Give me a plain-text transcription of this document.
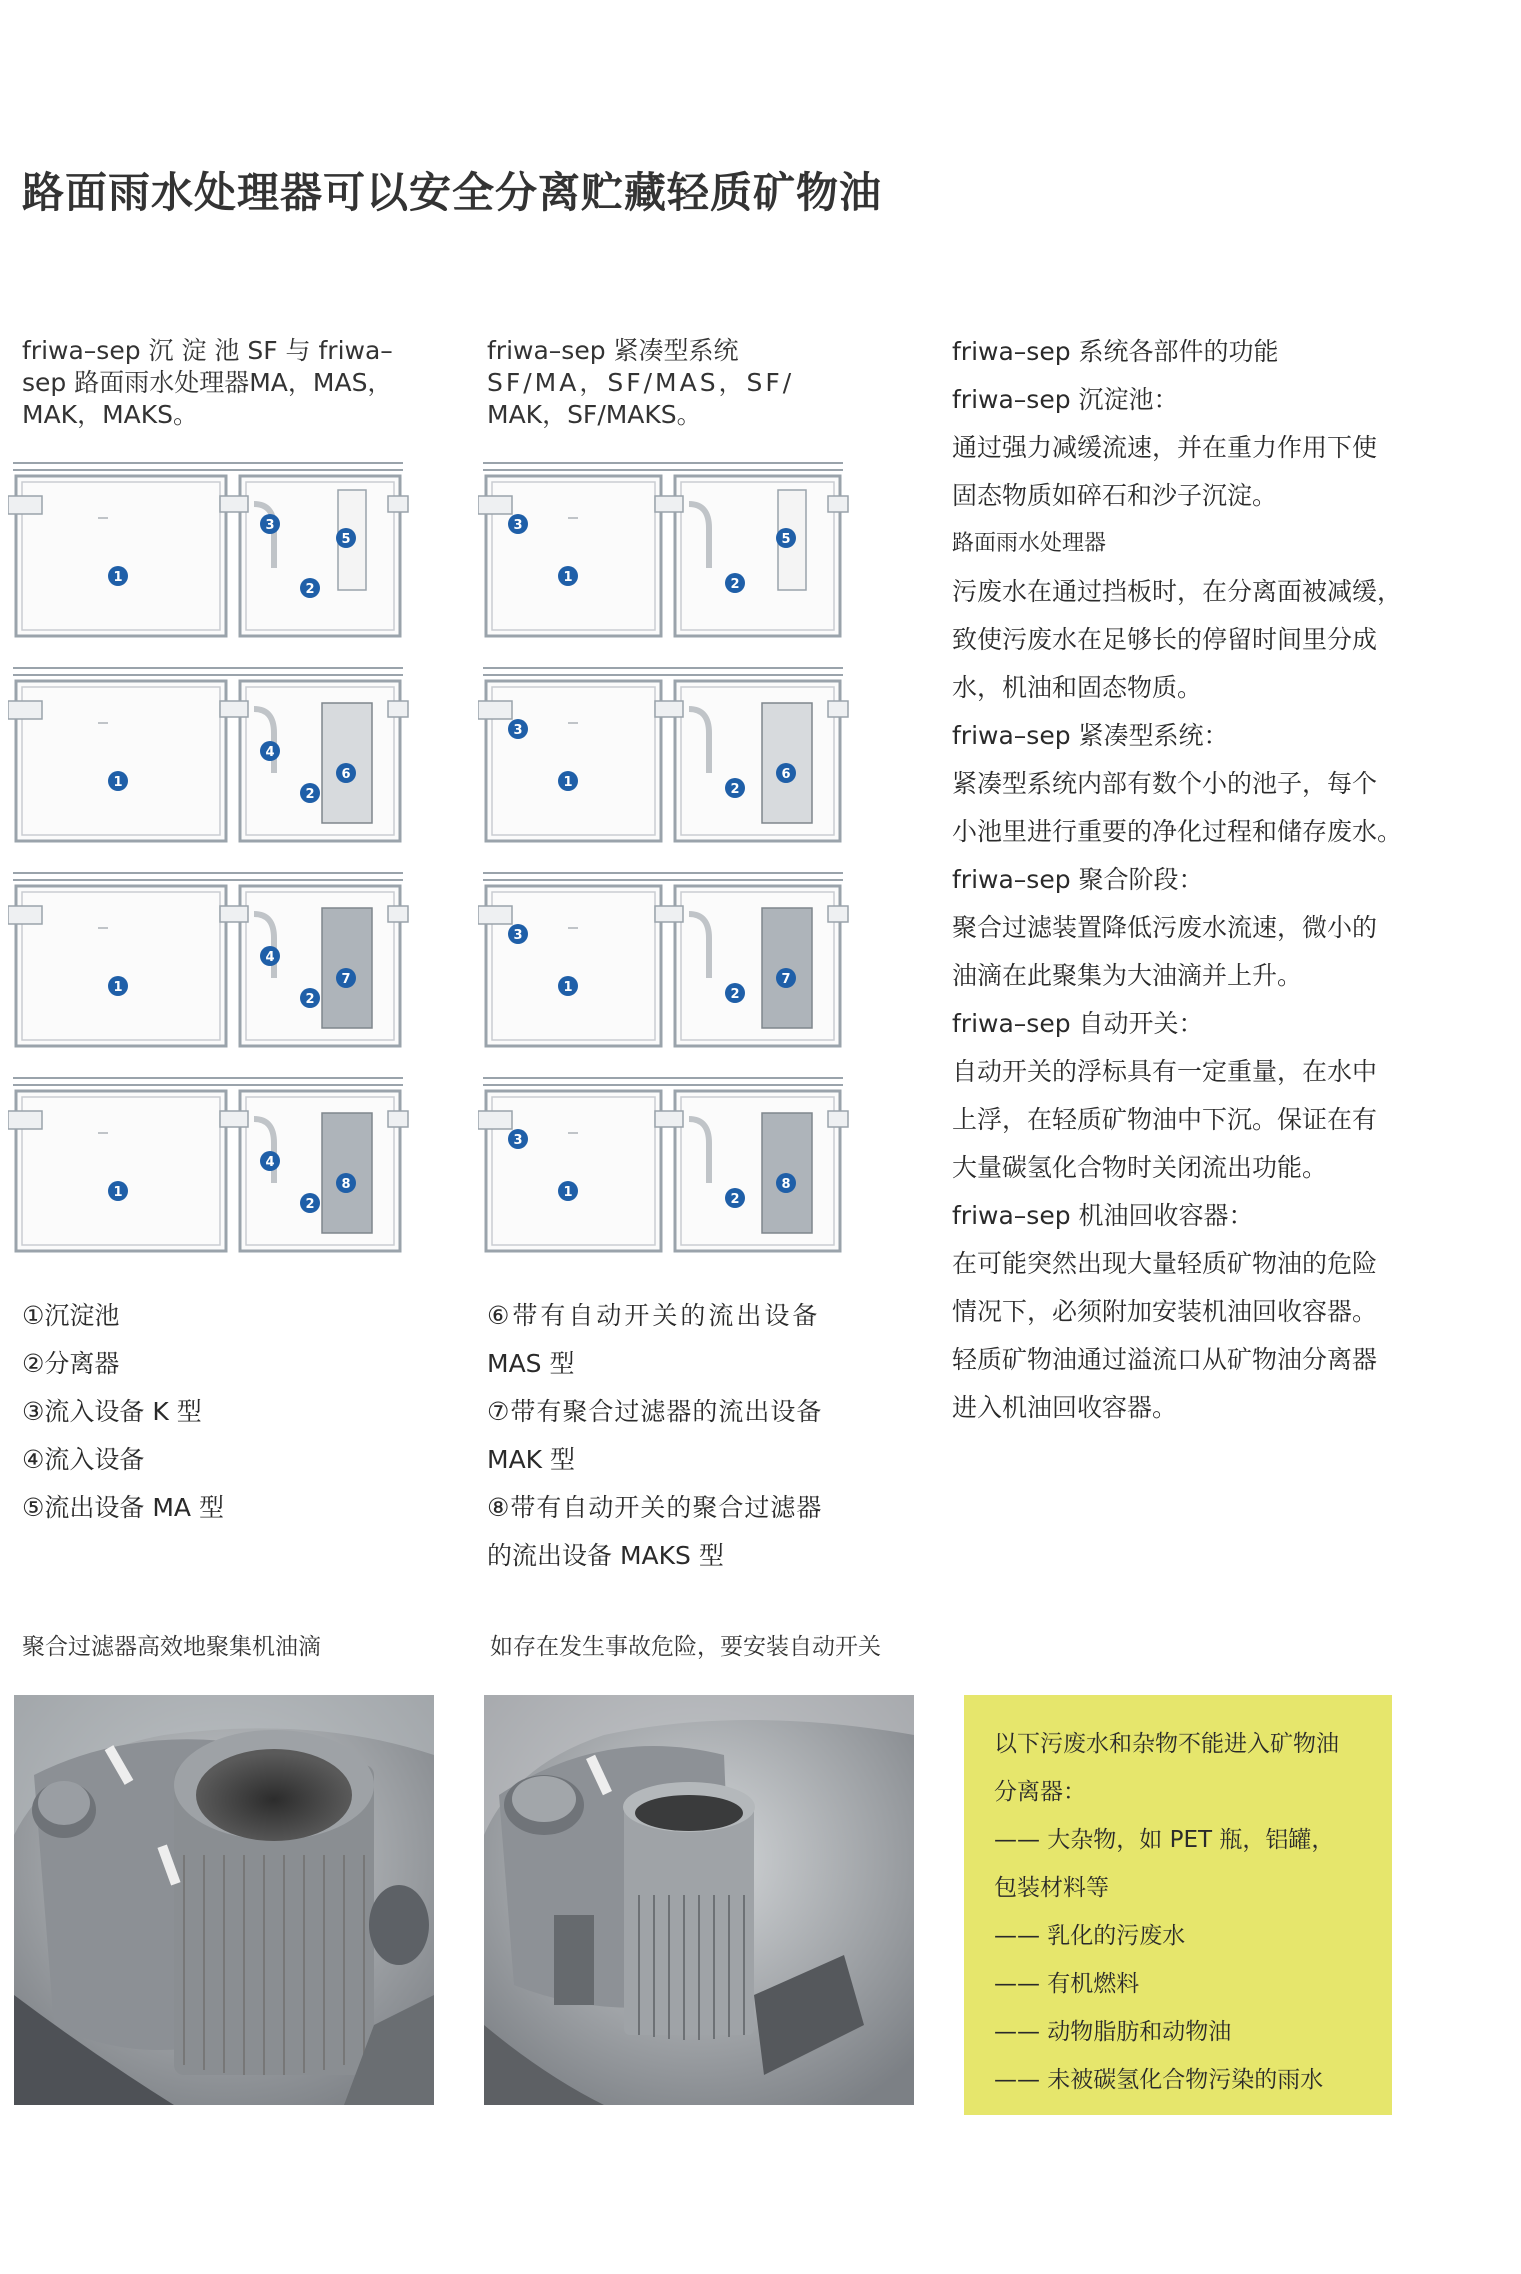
路面雨水处理器可以安全分离贮藏轻质矿物油
friwa–sep 沉 淀 池 SF 与 friwa–
sep 路面雨水处理器MA，MAS，
MAK，MAKS。
friwa–sep 紧凑型系统
SF/MA，SF/MAS，SF/
MAK，SF/MAKS。
1
2
3
5
1
2
4
6
1
2
4
7
1
2
4
8
1	2
3
5
1	2
3
6
1	2
3
7
1	2
3
8

friwa–sep 系统各部件的功能

friwa–sep 沉淀池：

通过强力减缓流速，并在重力作用下使

固态物质如碎石和沙子沉淀。

路面雨水处理器

污废水在通过挡板时，在分离面被减缓，

致使污废水在足够长的停留时间里分成

水，机油和固态物质。

friwa–sep 紧凑型系统：

紧凑型系统内部有数个小的池子，每个

小池里进行重要的净化过程和储存废水。

friwa–sep 聚合阶段：

聚合过滤装置降低污废水流速，微小的

油滴在此聚集为大油滴并上升。

friwa–sep 自动开关：

自动开关的浮标具有一定重量，在水中

上浮，在轻质矿物油中下沉。保证在有

大量碳氢化合物时关闭流出功能。

friwa–sep 机油回收容器：

在可能突然出现大量轻质矿物油的危险

情况下，必须附加安装机油回收容器。

轻质矿物油通过溢流口从矿物油分离器

进入机油回收容器。

①沉淀池
②分离器
③流入设备 K 型
④流入设备
⑤流出设备 MA 型
⑥带有自动开关的流出设备
MAS 型
⑦带有聚合过滤器的流出设备
MAK 型
⑧带有自动开关的聚合过滤器
的流出设备 MAKS 型
聚合过滤器高效地聚集机油滴	如存在发生事故危险，要安装自动开关

以下污废水和杂物不能进入矿物油

分离器：

—— 大杂物，如 PET 瓶，铝罐，

包装材料等

—— 乳化的污废水

—— 有机燃料

—— 动物脂肪和动物油

—— 未被碳氢化合物污染的雨水
